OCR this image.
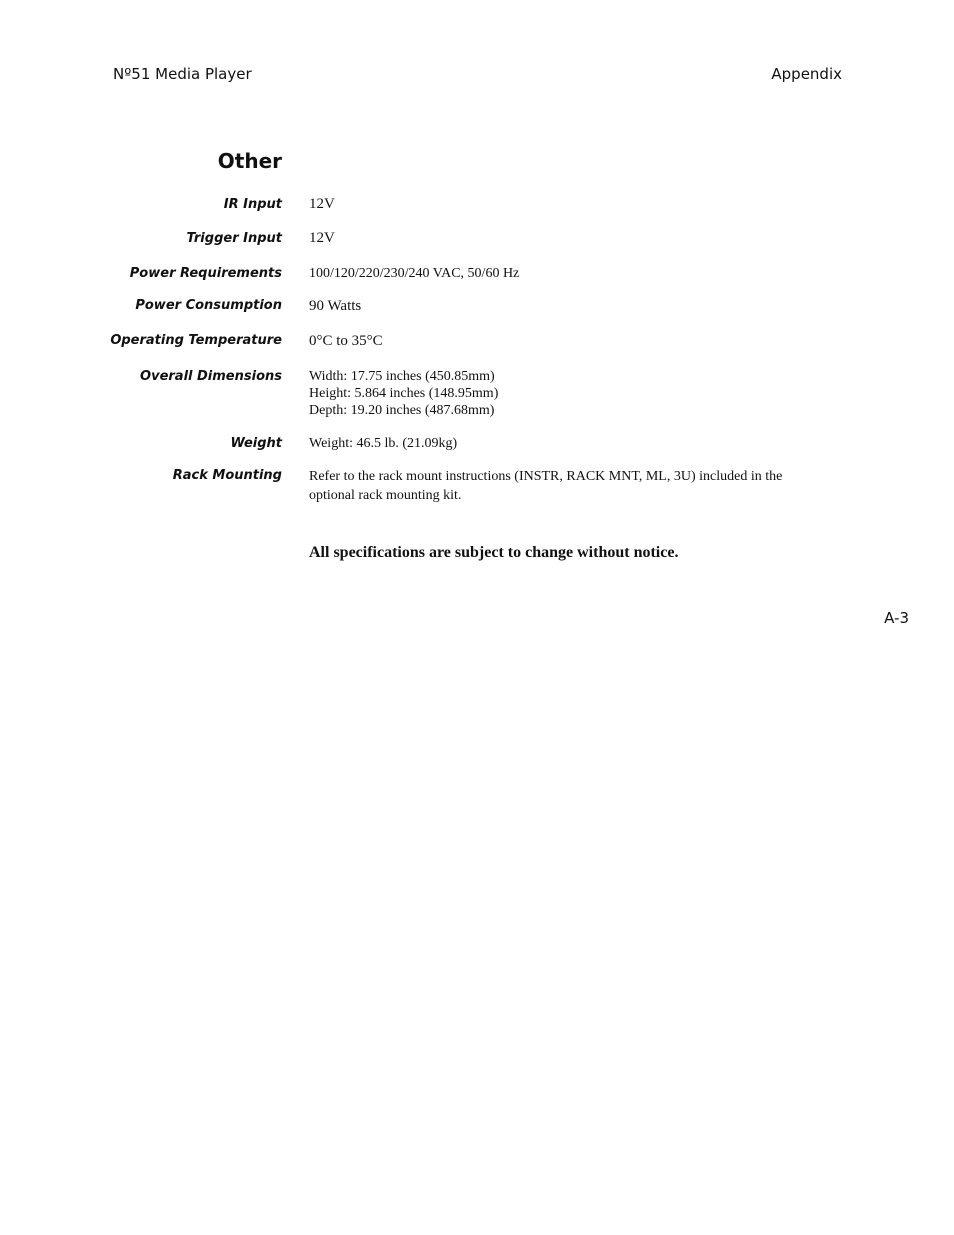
Nº51 Media Player	Appendix
Other
IR Input 12V
Trigger Input 12V
Power Requirements 100/120/220/230/240 VAC, 50/60 Hz
Power Consumption 90 Watts
Operating Temperature 0°C to 35°C
Overall Dimensions Width: 17.75 inches (450.85mm)
Height: 5.864 inches (148.95mm)
Depth: 19.20 inches (487.68mm)
Weight Weight: 46.5 lb. (21.09kg)
Rack Mounting Refer to the rack mount instructions (INSTR, RACK MNT, ML, 3U) included in the
optional rack mounting kit.
All specifications are subject to change without notice.
A-3
